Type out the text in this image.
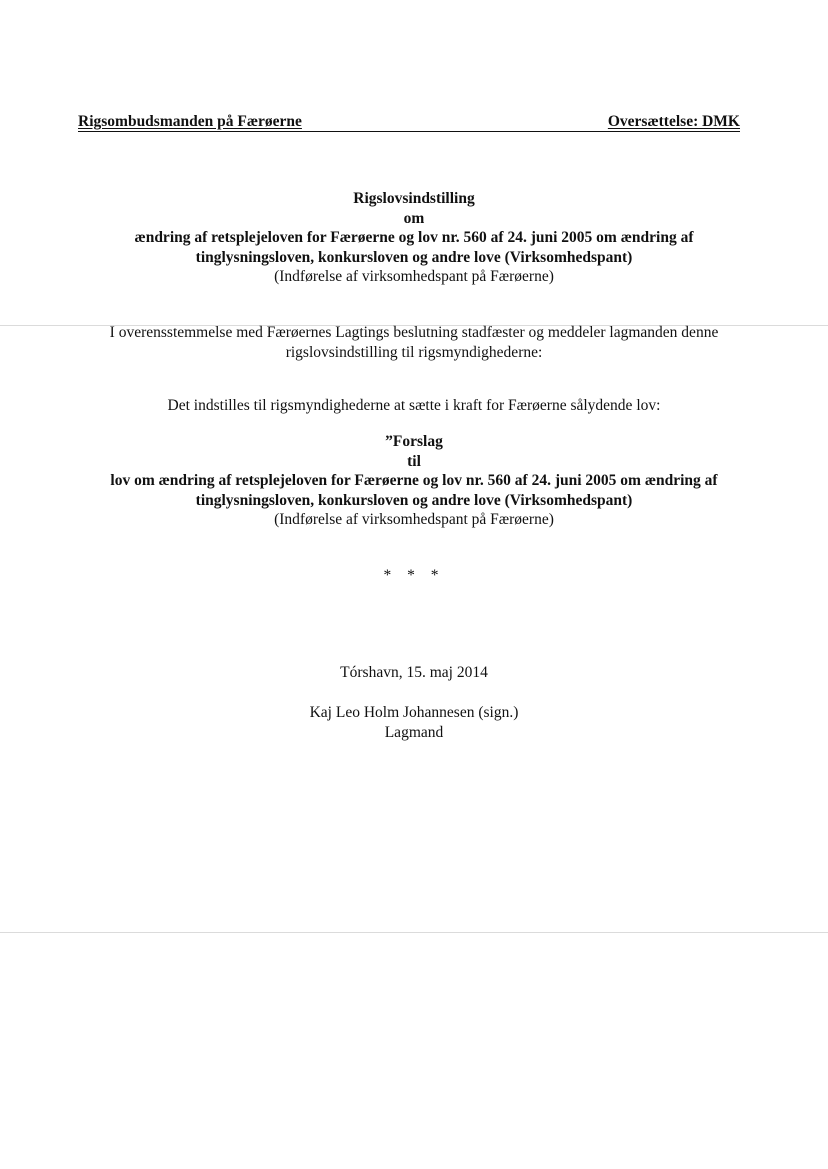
Rigsombudsmanden på Færøerne	Oversættelse: DMK
Rigslovsindstilling
om
ændring af retsplejeloven for Færøerne og lov nr. 560 af 24. juni 2005 om ændring af
tinglysningsloven, konkursloven og andre love (Virksomhedspant)
(Indførelse af virksomhedspant på Færøerne)
I overensstemmelse med Færøernes Lagtings beslutning stadfæster og meddeler lagmanden denne
rigslovsindstilling til rigsmyndighederne:
Det indstilles til rigsmyndighederne at sætte i kraft for Færøerne sålydende lov:
”Forslag
til
lov om ændring af retsplejeloven for Færøerne og lov nr. 560 af 24. juni 2005 om ændring af
tinglysningsloven, konkursloven og andre love (Virksomhedspant)
(Indførelse af virksomhedspant på Færøerne)
* * *
Tórshavn, 15. maj 2014
Kaj Leo Holm Johannesen (sign.)
Lagmand
